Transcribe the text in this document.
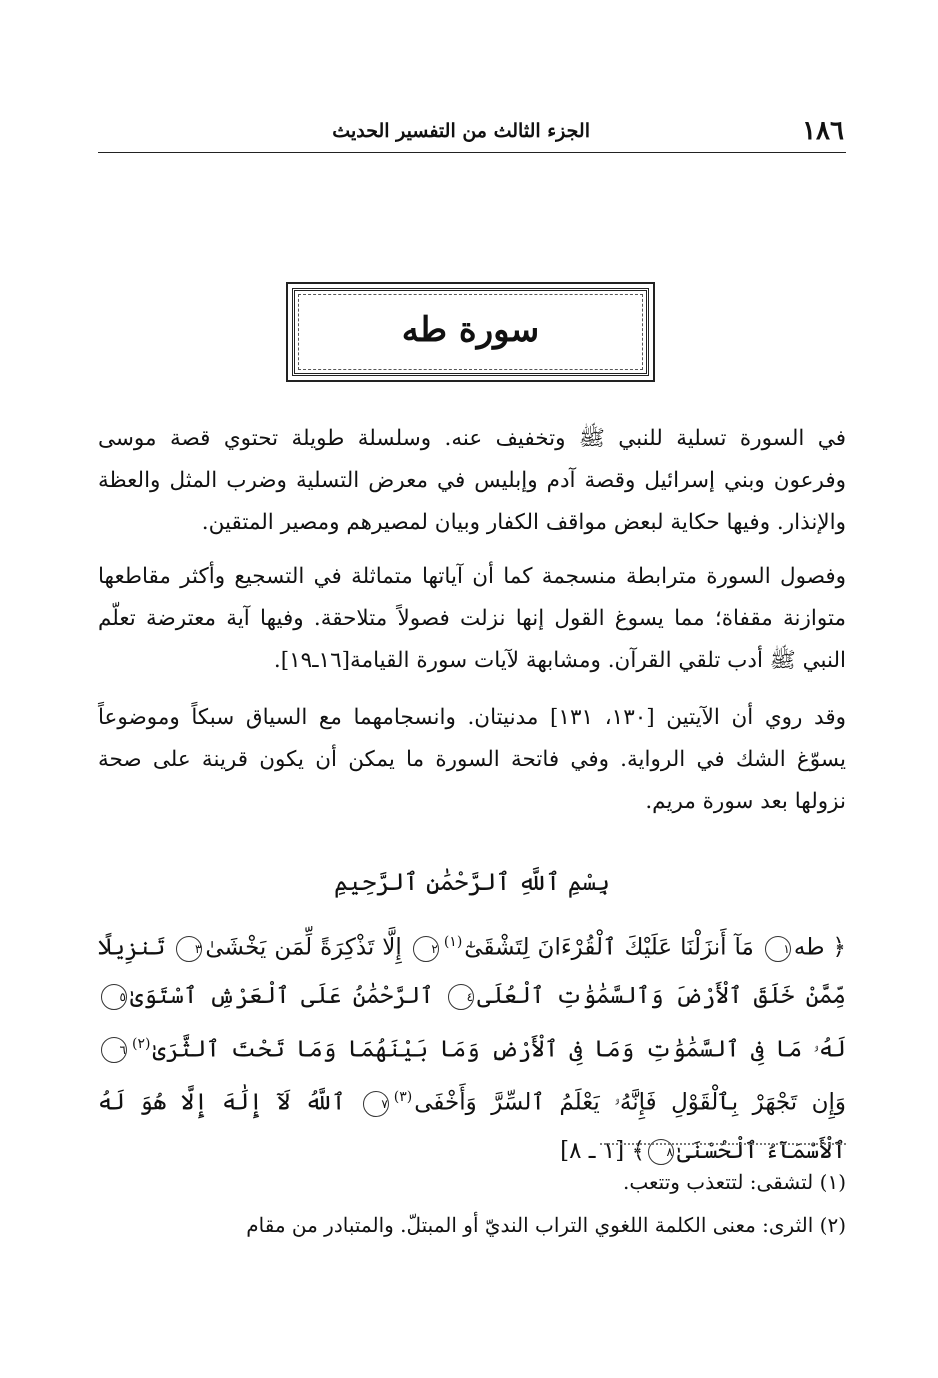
١٨٦
الجزء الثالث من التفسير الحديث
سورة طه

في السورة تسلية للنبي ﷺ وتخفيف عنه. وسلسلة طويلة تحتوي قصة موسى وفرعون وبني إسرائيل وقصة آدم وإبليس في معرض التسلية وضرب المثل والعظة والإنذار. وفيها حكاية لبعض مواقف الكفار وبيان لمصيرهم ومصير المتقين.

وفصول السورة مترابطة منسجمة كما أن آياتها متماثلة في التسجيع وأكثر مقاطعها متوازنة مقفاة؛ مما يسوغ القول إنها نزلت فصولاً متلاحقة. وفيها آية معترضة تعلّم النبي ﷺ أدب تلقي القرآن. ومشابهة لآيات سورة القيامة[١٦ـ١٩].

وقد روي أن الآيتين [١٣٠، ١٣١] مدنيتان. وانسجامهما مع السياق سبكاً وموضوعاً يسوّغ الشك في الرواية. وفي فاتحة السورة ما يمكن أن يكون قرينة على صحة نزولها بعد سورة مريم.

بِسْمِ ٱللَّهِ ٱلرَّحْمَٰنِ ٱلرَّحِيمِ

﴿ طه١ مَآ أَنزَلْنَا عَلَيْكَ ٱلْقُرْءَانَ لِتَشْقَىٰٓ$^{(١)}$٢ إِلَّا تَذْكِرَةً لِّمَن يَخْشَىٰ٣ تَنزِيلًا مِّمَّنْ خَلَقَ ٱلْأَرْضَ وَٱلسَّمَٰوَٰتِ ٱلْعُلَى٤ ٱلرَّحْمَٰنُ عَلَى ٱلْعَرْشِ ٱسْتَوَىٰ٥ لَهُۥ مَا فِى ٱلسَّمَٰوَٰتِ وَمَا فِى ٱلْأَرْضِ وَمَا بَيْنَهُمَا وَمَا تَحْتَ ٱلثَّرَىٰ$^{(٢)}$٦ وَإِن تَجْهَرْ بِٱلْقَوْلِ فَإِنَّهُۥ يَعْلَمُ ٱلسِّرَّ وَأَخْفَى$^{(٣)}$٧ ٱللَّهُ لَآ إِلَٰهَ إِلَّا هُوَ لَهُ ٱلْأَسْمَآءُ ٱلْحُسْنَىٰ٨﴾ [١ ـ ٨]

(١) لتشقى: لتتعذب وتتعب.

(٢) الثرى: معنى الكلمة اللغوي التراب النديّ أو المبتلّ. والمتبادر من مقام
